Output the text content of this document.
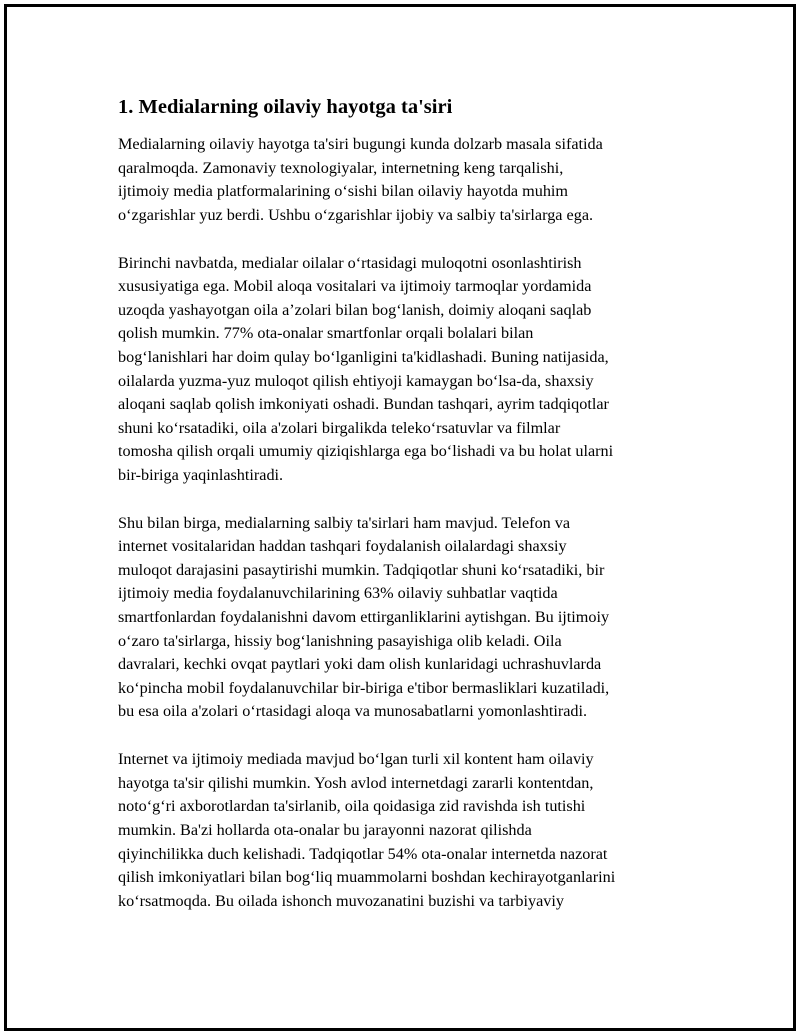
1. Medialarning oilaviy hayotga ta'siri

Medialarning oilaviy hayotga ta'siri bugungi kunda dolzarb masala sifatida
qaralmoqda. Zamonaviy texnologiyalar, internetning keng tarqalishi,
ijtimoiy media platformalarining o‘sishi bilan oilaviy hayotda muhim
o‘zgarishlar yuz berdi. Ushbu o‘zgarishlar ijobiy va salbiy ta'sirlarga ega.

Birinchi navbatda, medialar oilalar o‘rtasidagi muloqotni osonlashtirish
xususiyatiga ega. Mobil aloqa vositalari va ijtimoiy tarmoqlar yordamida
uzoqda yashayotgan oila a’zolari bilan bog‘lanish, doimiy aloqani saqlab
qolish mumkin. 77% ota-onalar smartfonlar orqali bolalari bilan
bog‘lanishlari har doim qulay bo‘lganligini ta'kidlashadi. Buning natijasida,
oilalarda yuzma-yuz muloqot qilish ehtiyoji kamaygan bo‘lsa-da, shaxsiy
aloqani saqlab qolish imkoniyati oshadi. Bundan tashqari, ayrim tadqiqotlar
shuni ko‘rsatadiki, oila a'zolari birgalikda teleko‘rsatuvlar va filmlar
tomosha qilish orqali umumiy qiziqishlarga ega bo‘lishadi va bu holat ularni
bir-biriga yaqinlashtiradi.

Shu bilan birga, medialarning salbiy ta'sirlari ham mavjud. Telefon va
internet vositalaridan haddan tashqari foydalanish oilalardagi shaxsiy
muloqot darajasini pasaytirishi mumkin. Tadqiqotlar shuni ko‘rsatadiki, bir
ijtimoiy media foydalanuvchilarining 63% oilaviy suhbatlar vaqtida
smartfonlardan foydalanishni davom ettirganliklarini aytishgan. Bu ijtimoiy
o‘zaro ta'sirlarga, hissiy bog‘lanishning pasayishiga olib keladi. Oila
davralari, kechki ovqat paytlari yoki dam olish kunlaridagi uchrashuvlarda
ko‘pincha mobil foydalanuvchilar bir-biriga e'tibor bermasliklari kuzatiladi,
bu esa oila a'zolari o‘rtasidagi aloqa va munosabatlarni yomonlashtiradi.

Internet va ijtimoiy mediada mavjud bo‘lgan turli xil kontent ham oilaviy
hayotga ta'sir qilishi mumkin. Yosh avlod internetdagi zararli kontentdan,
noto‘g‘ri axborotlardan ta'sirlanib, oila qoidasiga zid ravishda ish tutishi
mumkin. Ba'zi hollarda ota-onalar bu jarayonni nazorat qilishda
qiyinchilikka duch kelishadi. Tadqiqotlar 54% ota-onalar internetda nazorat
qilish imkoniyatlari bilan bog‘liq muammolarni boshdan kechirayotganlarini
ko‘rsatmoqda. Bu oilada ishonch muvozanatini buzishi va tarbiyaviy
